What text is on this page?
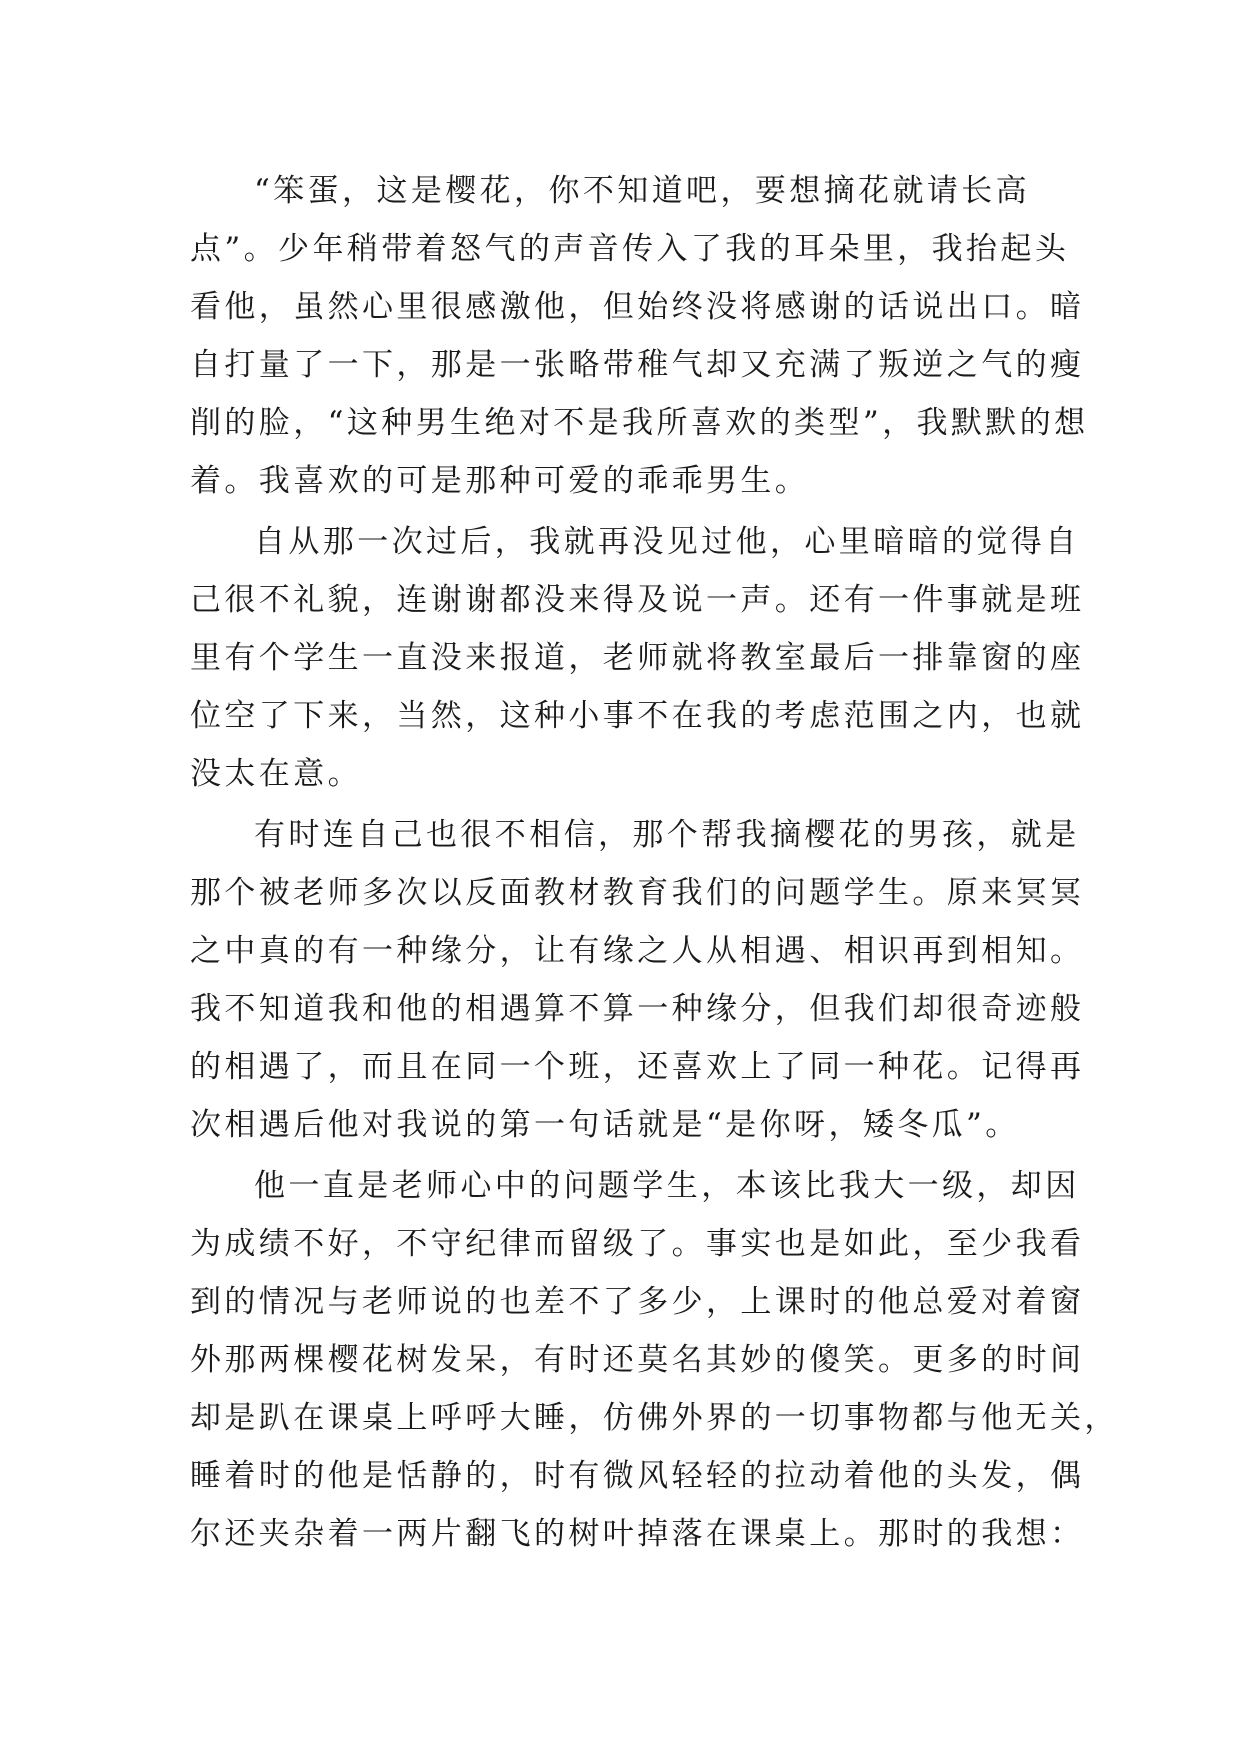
“笨蛋，这是樱花，你不知道吧，要想摘花就请长高
点”。少年稍带着怒气的声音传入了我的耳朵里，我抬起头
看他，虽然心里很感激他，但始终没将感谢的话说出口。暗
自打量了一下，那是一张略带稚气却又充满了叛逆之气的瘦
削的脸，“这种男生绝对不是我所喜欢的类型”，我默默的想
着。我喜欢的可是那种可爱的乖乖男生。
自从那一次过后，我就再没见过他，心里暗暗的觉得自
己很不礼貌，连谢谢都没来得及说一声。还有一件事就是班
里有个学生一直没来报道，老师就将教室最后一排靠窗的座
位空了下来，当然，这种小事不在我的考虑范围之内，也就
没太在意。
有时连自己也很不相信，那个帮我摘樱花的男孩，就是
那个被老师多次以反面教材教育我们的问题学生。原来冥冥
之中真的有一种缘分，让有缘之人从相遇、相识再到相知。
我不知道我和他的相遇算不算一种缘分，但我们却很奇迹般
的相遇了，而且在同一个班，还喜欢上了同一种花。记得再
次相遇后他对我说的第一句话就是“是你呀，矮冬瓜”。
他一直是老师心中的问题学生，本该比我大一级，却因
为成绩不好，不守纪律而留级了。事实也是如此，至少我看
到的情况与老师说的也差不了多少，上课时的他总爱对着窗
外那两棵樱花树发呆，有时还莫名其妙的傻笑。更多的时间
却是趴在课桌上呼呼大睡，仿佛外界的一切事物都与他无关，
睡着时的他是恬静的，时有微风轻轻的拉动着他的头发，偶
尔还夹杂着一两片翻飞的树叶掉落在课桌上。那时的我想：
